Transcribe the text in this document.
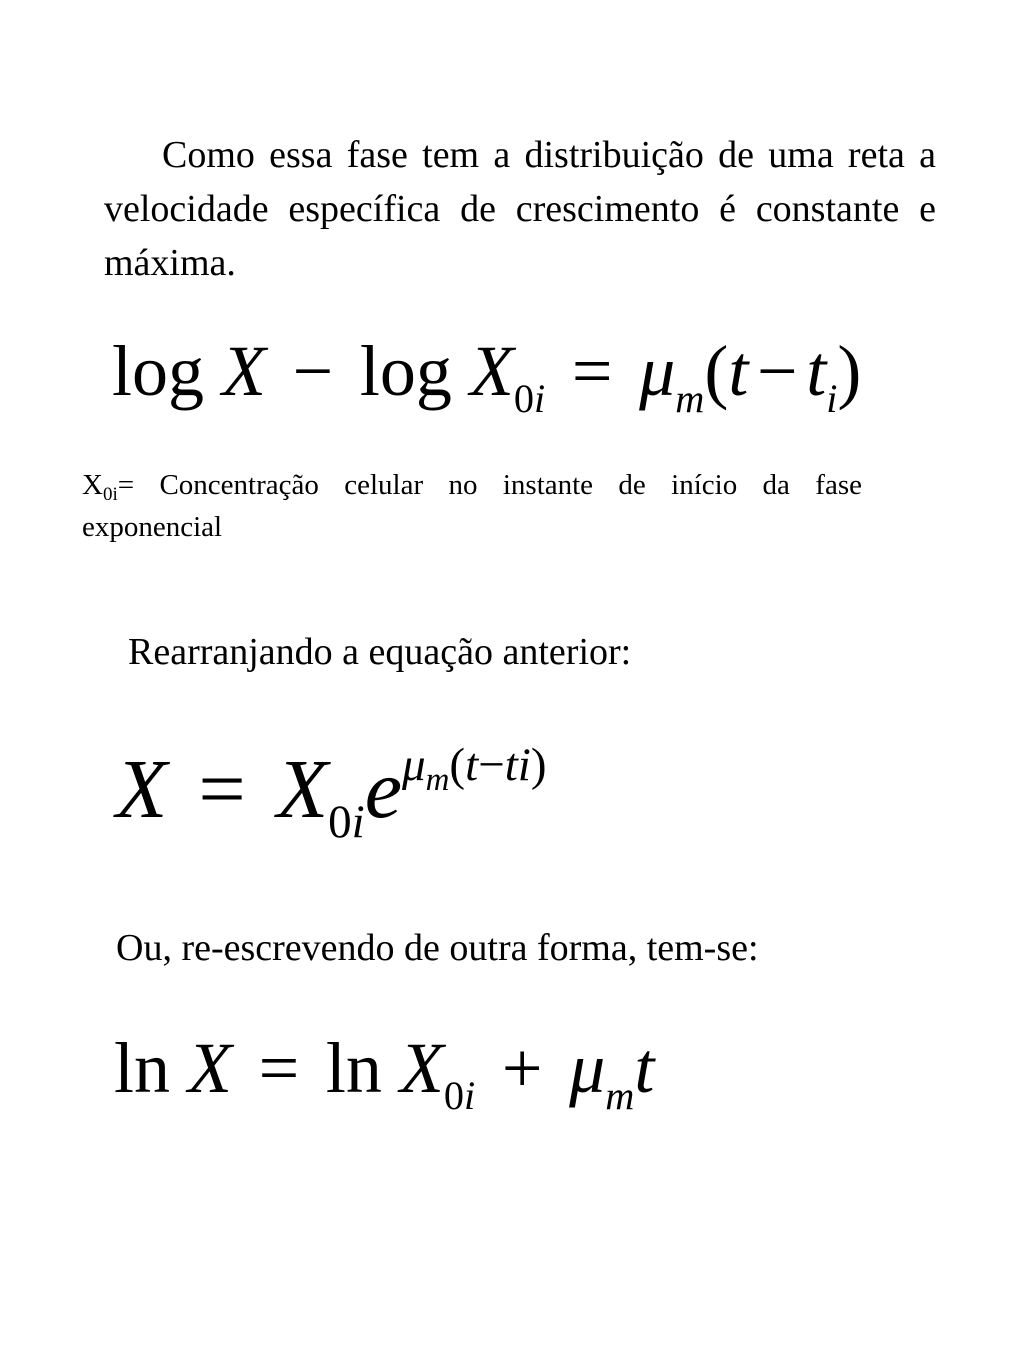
Como essa fase tem a distribuição de uma reta a velocidade específica de crescimento é constante e máxima.

$\log X - \log X_{0i} = \mu_m(t - t_i)$

$X_{0i}=$ Concentração celular no instante de início da fase exponencial

Rearranjando a equação anterior:
$X = X_{0i}e^{\mu_m(t-ti)}$
Ou, re-escrevendo de outra forma, tem-se:
$\ln X = \ln X_{0i} + \mu_mt$
